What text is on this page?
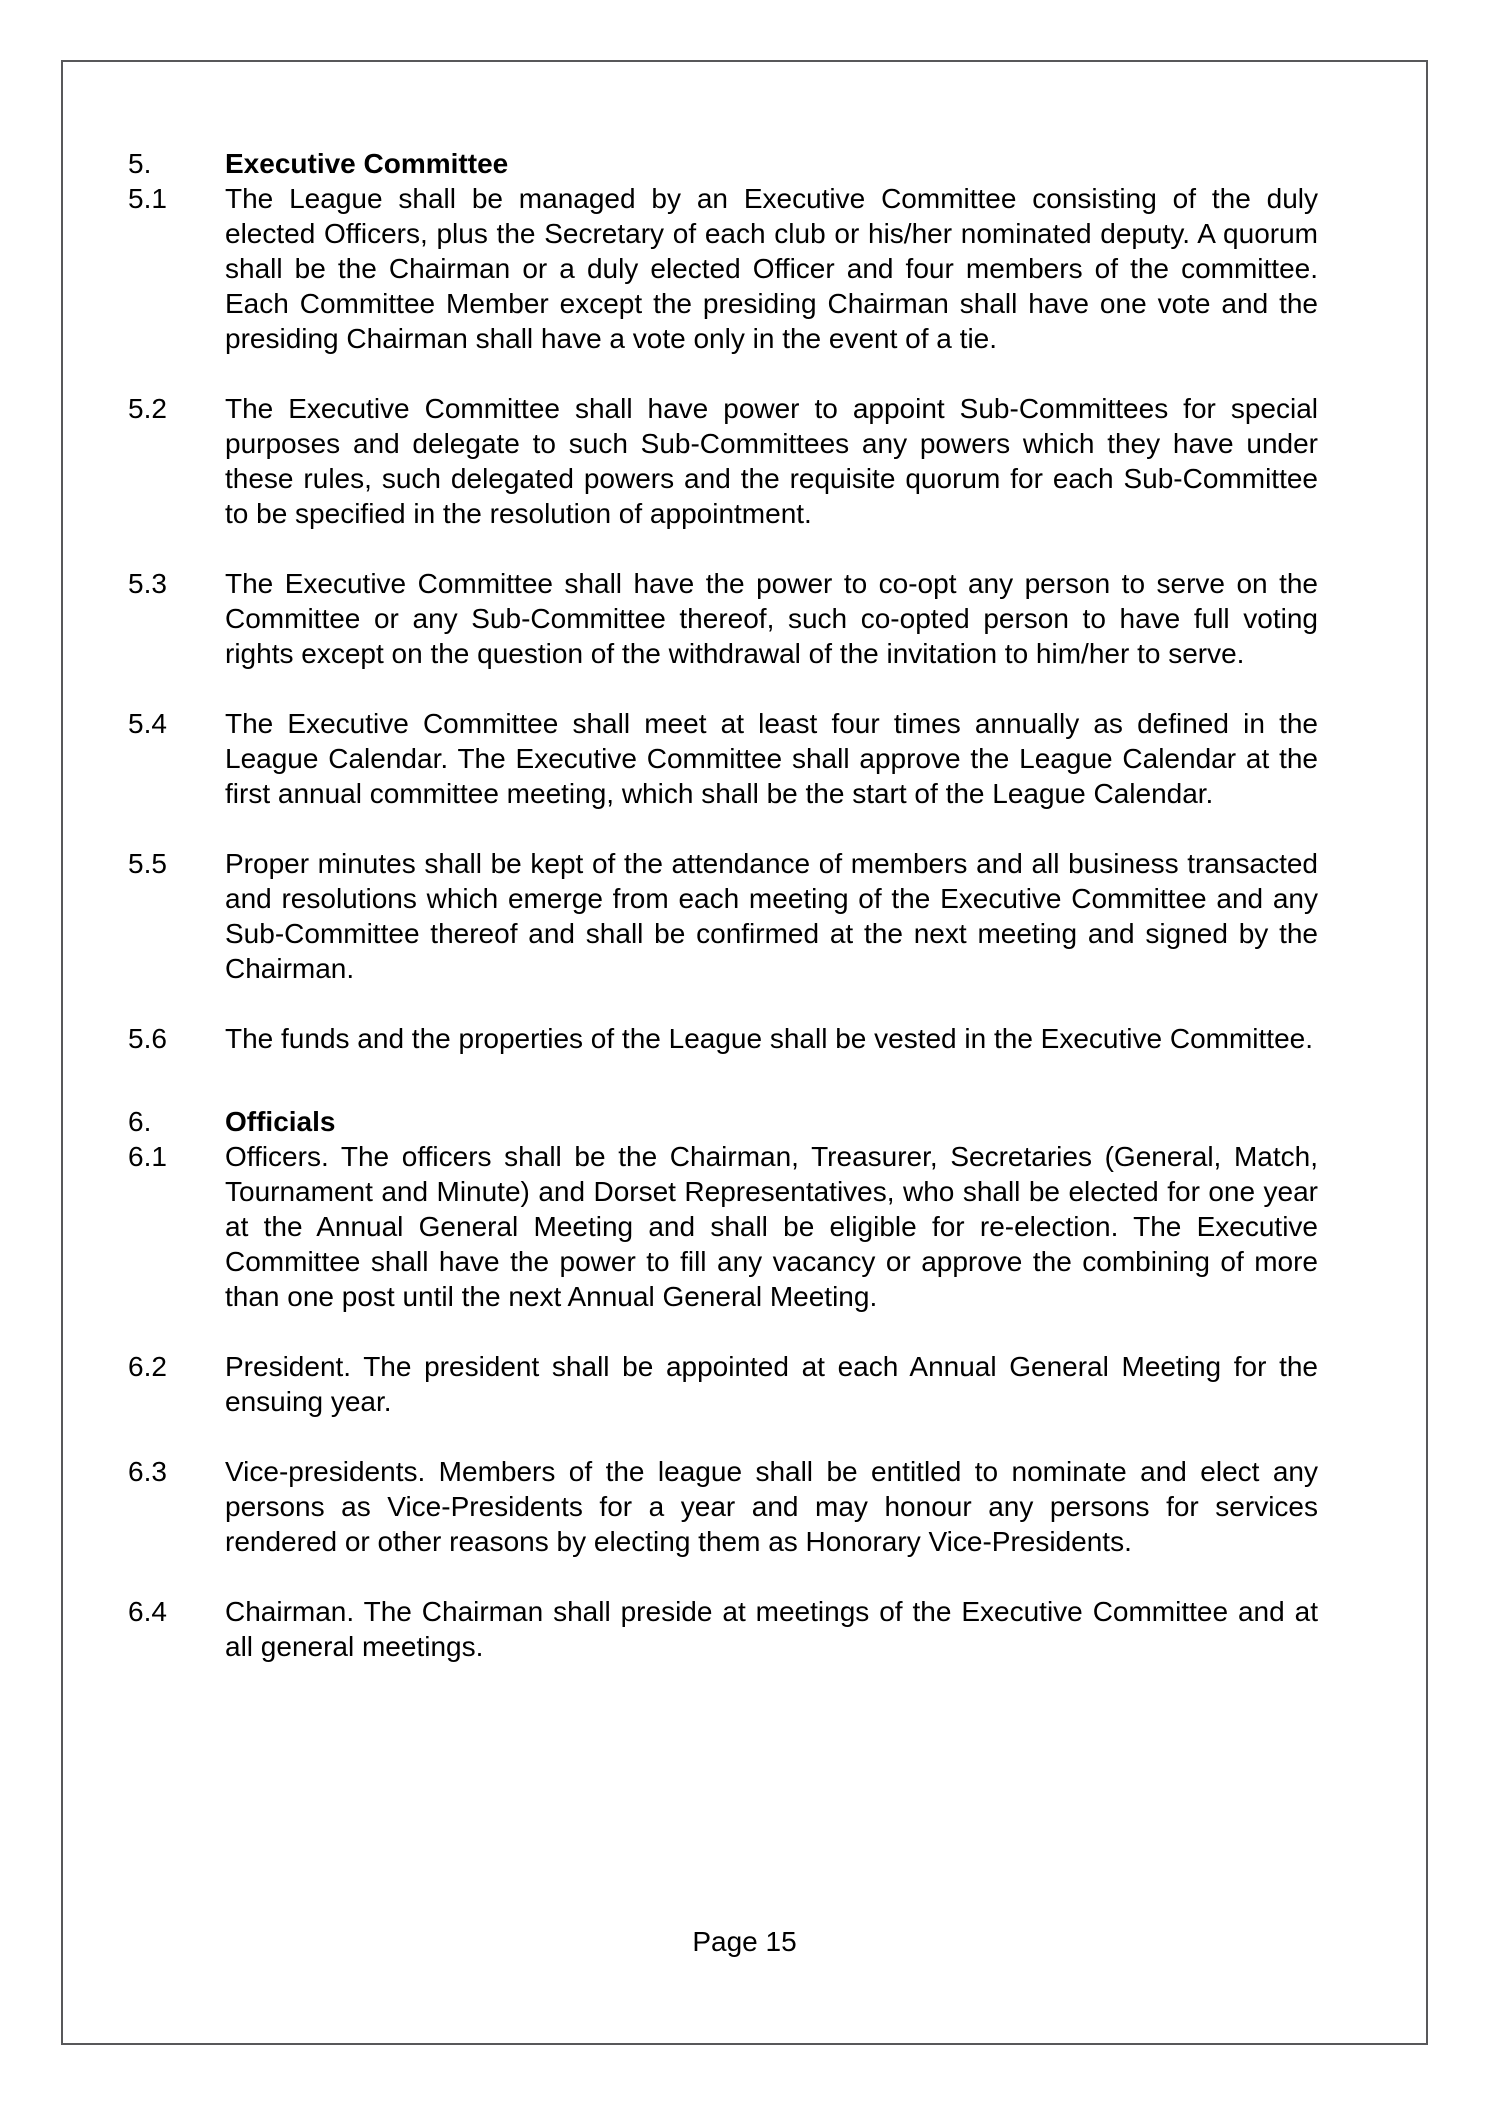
5.	Executive Committee
5.1	The League shall be managed by an Executive Committee consisting of the duly elected Officers, plus the Secretary of each club or his/her nominated deputy. A quorum shall be the Chairman or a duly elected Officer and four members of the committee. Each Committee Member except the presiding Chairman shall have one vote and the presiding Chairman shall have a vote only in the event of a tie.
5.2	The Executive Committee shall have power to appoint Sub-Committees for special purposes and delegate to such Sub-Committees any powers which they have under these rules, such delegated powers and the requisite quorum for each Sub-Committee to be specified in the resolution of appointment.
5.3	The Executive Committee shall have the power to co-opt any person to serve on the Committee or any Sub-Committee thereof, such co-opted person to have full voting rights except on the question of the withdrawal of the invitation to him/her to serve.
5.4	The Executive Committee shall meet at least four times annually as defined in the League Calendar. The Executive Committee shall approve the League Calendar at the first annual committee meeting, which shall be the start of the League Calendar.
5.5	Proper minutes shall be kept of the attendance of members and all business transacted and resolutions which emerge from each meeting of the Executive Committee and any Sub-Committee thereof and shall be confirmed at the next meeting and signed by the Chairman.
5.6	The funds and the properties of the League shall be vested in the Executive Committee.
6.	Officials
6.1	Officers. The officers shall be the Chairman, Treasurer, Secretaries (General, Match, Tournament and Minute) and Dorset Representatives, who shall be elected for one year at the Annual General Meeting and shall be eligible for re-election. The Executive Committee shall have the power to fill any vacancy or approve the combining of more than one post until the next Annual General Meeting.
6.2	President. The president shall be appointed at each Annual General Meeting for the ensuing year.
6.3	Vice-presidents. Members of the league shall be entitled to nominate and elect any persons as Vice-Presidents for a year and may honour any persons for services rendered or other reasons by electing them as Honorary Vice-Presidents.
6.4	Chairman. The Chairman shall preside at meetings of the Executive Committee and at all general meetings.
Page 15
